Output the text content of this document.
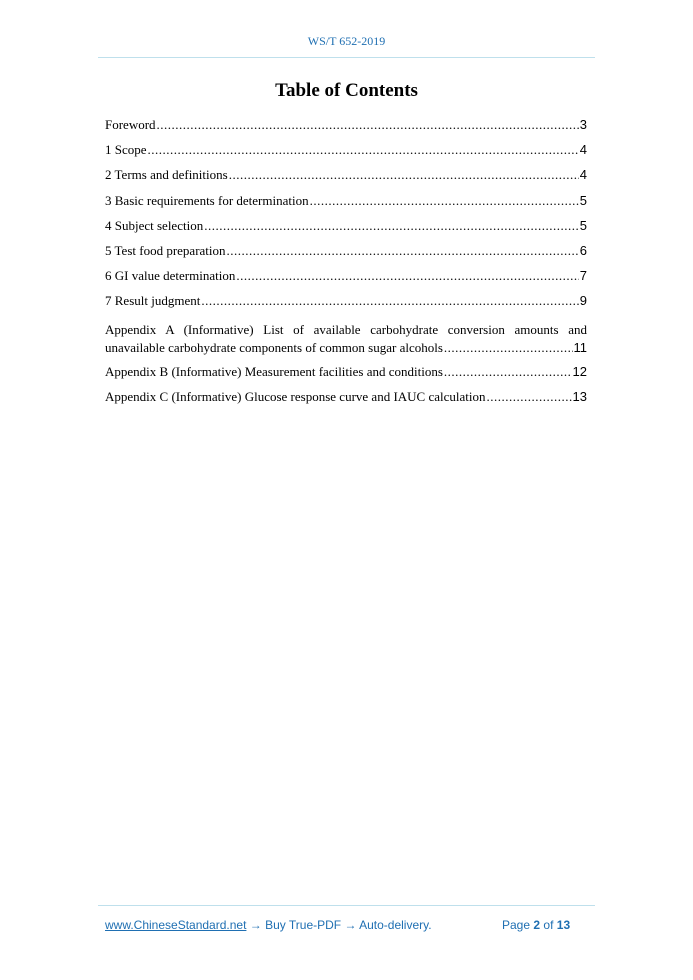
WS/T 652-2019
Table of Contents
Foreword .....	3
1 Scope .....	4
2 Terms and definitions .....	4
3 Basic requirements for determination .....	5
4 Subject selection .....	5
5 Test food preparation .....	6
6 GI value determination .....	7
7 Result judgment .....	9
Appendix A (Informative) List of available carbohydrate conversion amounts and
unavailable carbohydrate components of common sugar alcohols .....	11
Appendix B (Informative) Measurement facilities and conditions .....	12
Appendix C (Informative) Glucose response curve and IAUC calculation .....	13
www.ChineseStandard.net → Buy True-PDF → Auto-delivery.	Page 2 of 13
